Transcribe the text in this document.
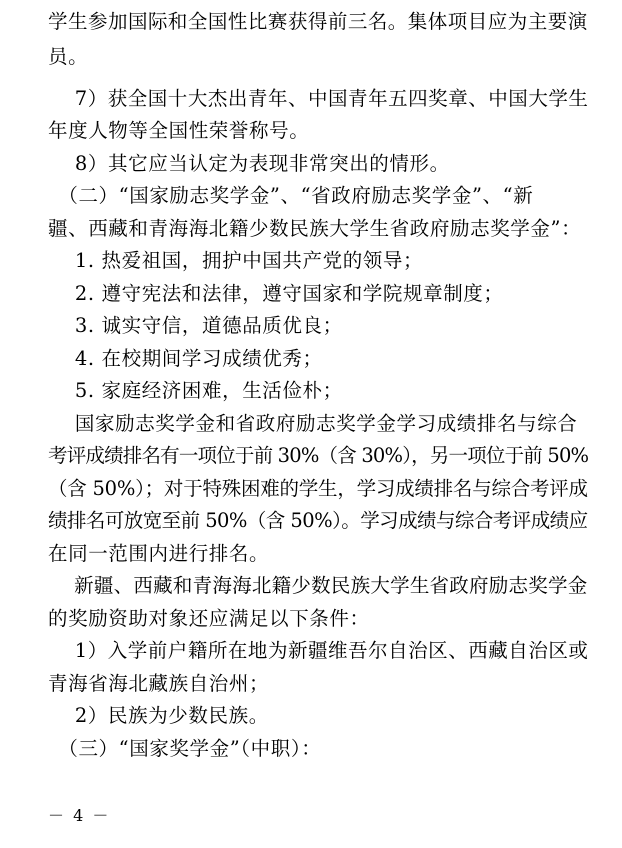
学生参加国际和全国性比赛获得前三名。集体项目应为主要演
员。
　 7）获全国十大杰出青年、中国青年五四奖章、中国大学生
年度人物等全国性荣誉称号。
　 8）其它应当认定为表现非常突出的情形。
　（二）“国家励志奖学金”、“省政府励志奖学金”、“新
疆、西藏和青海海北籍少数民族大学生省政府励志奖学金”：
　 1. 热爱祖国，拥护中国共产党的领导；
　 2. 遵守宪法和法律，遵守国家和学院规章制度；
　 3. 诚实守信，道德品质优良；
　 4. 在校期间学习成绩优秀；
　 5. 家庭经济困难，生活俭朴；
　 国家励志奖学金和省政府励志奖学金学习成绩排名与综合
考评成绩排名有一项位于前 30%（含 30%），另一项位于前 50%
（含 50%）；对于特殊困难的学生，学习成绩排名与综合考评成
绩排名可放宽至前 50%（含 50%）。学习成绩与综合考评成绩应
在同一范围内进行排名。
　 新疆、西藏和青海海北籍少数民族大学生省政府励志奖学金
的奖励资助对象还应满足以下条件：
　 1）入学前户籍所在地为新疆维吾尔自治区、西藏自治区或
青海省海北藏族自治州；
　 2）民族为少数民族。
　（三）“国家奖学金”（中职）：
－ 4 －
